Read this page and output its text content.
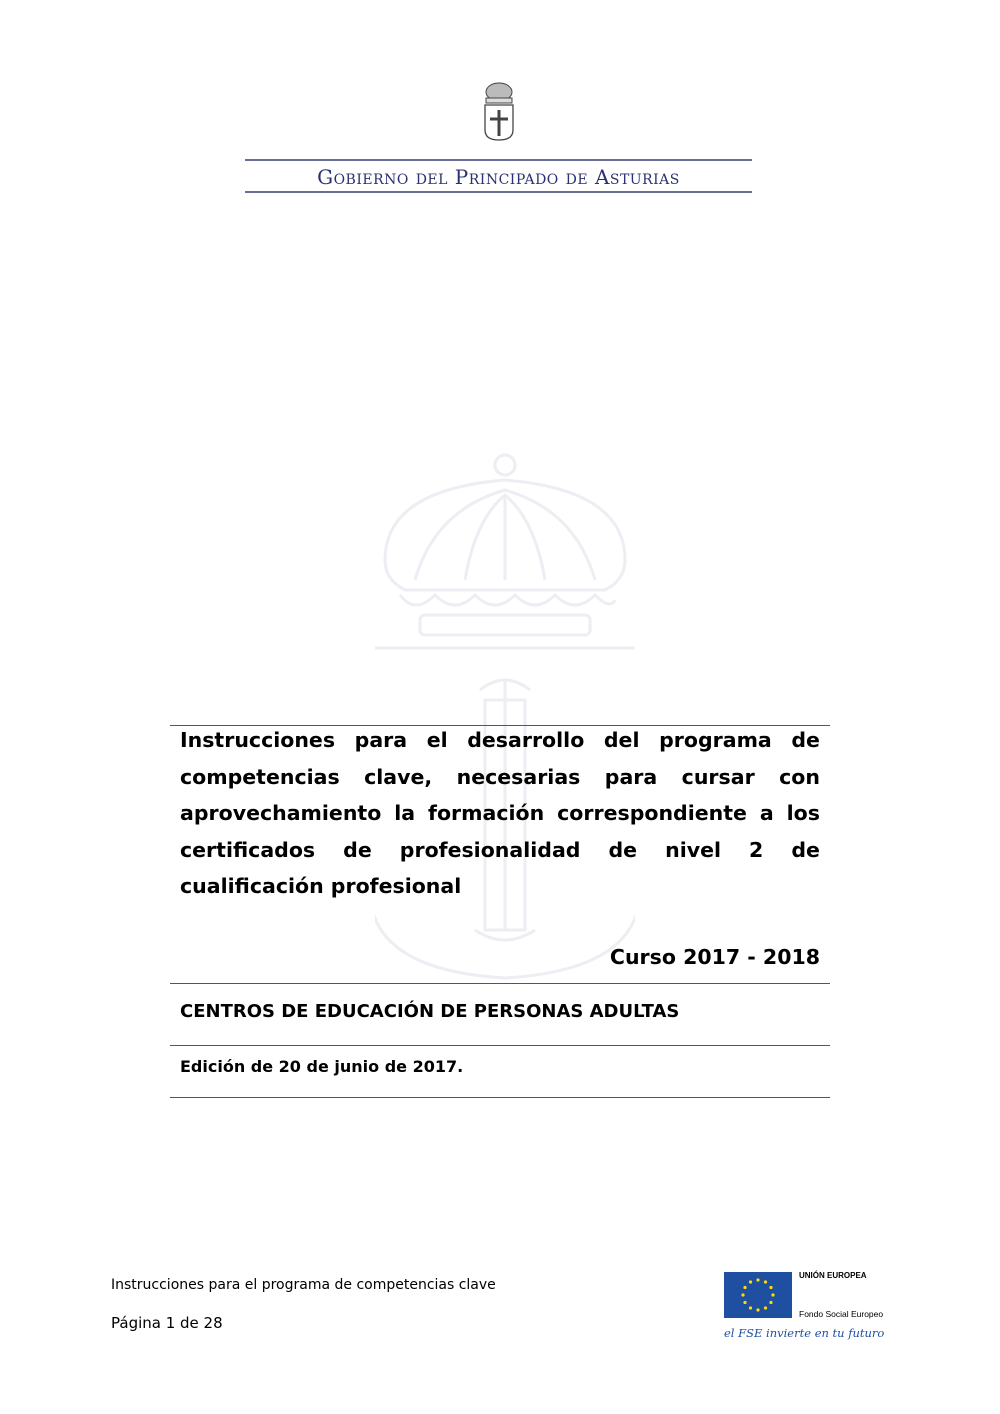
Gobierno del Principado de Asturias
Instrucciones para el desarrollo del programa de
competencias clave, necesarias para cursar con
aprovechamiento la formación correspondiente a los
certificados de profesionalidad de nivel 2 de
cualificación profesional
Curso 2017 - 2018
CENTROS DE EDUCACIÓN DE PERSONAS ADULTAS
Edición de 20 de junio de 2017.
Instrucciones para el programa de competencias clave
Página 1 de 28
UNIÓN EUROPEA
Fondo Social Europeo
el FSE invierte en tu futuro
